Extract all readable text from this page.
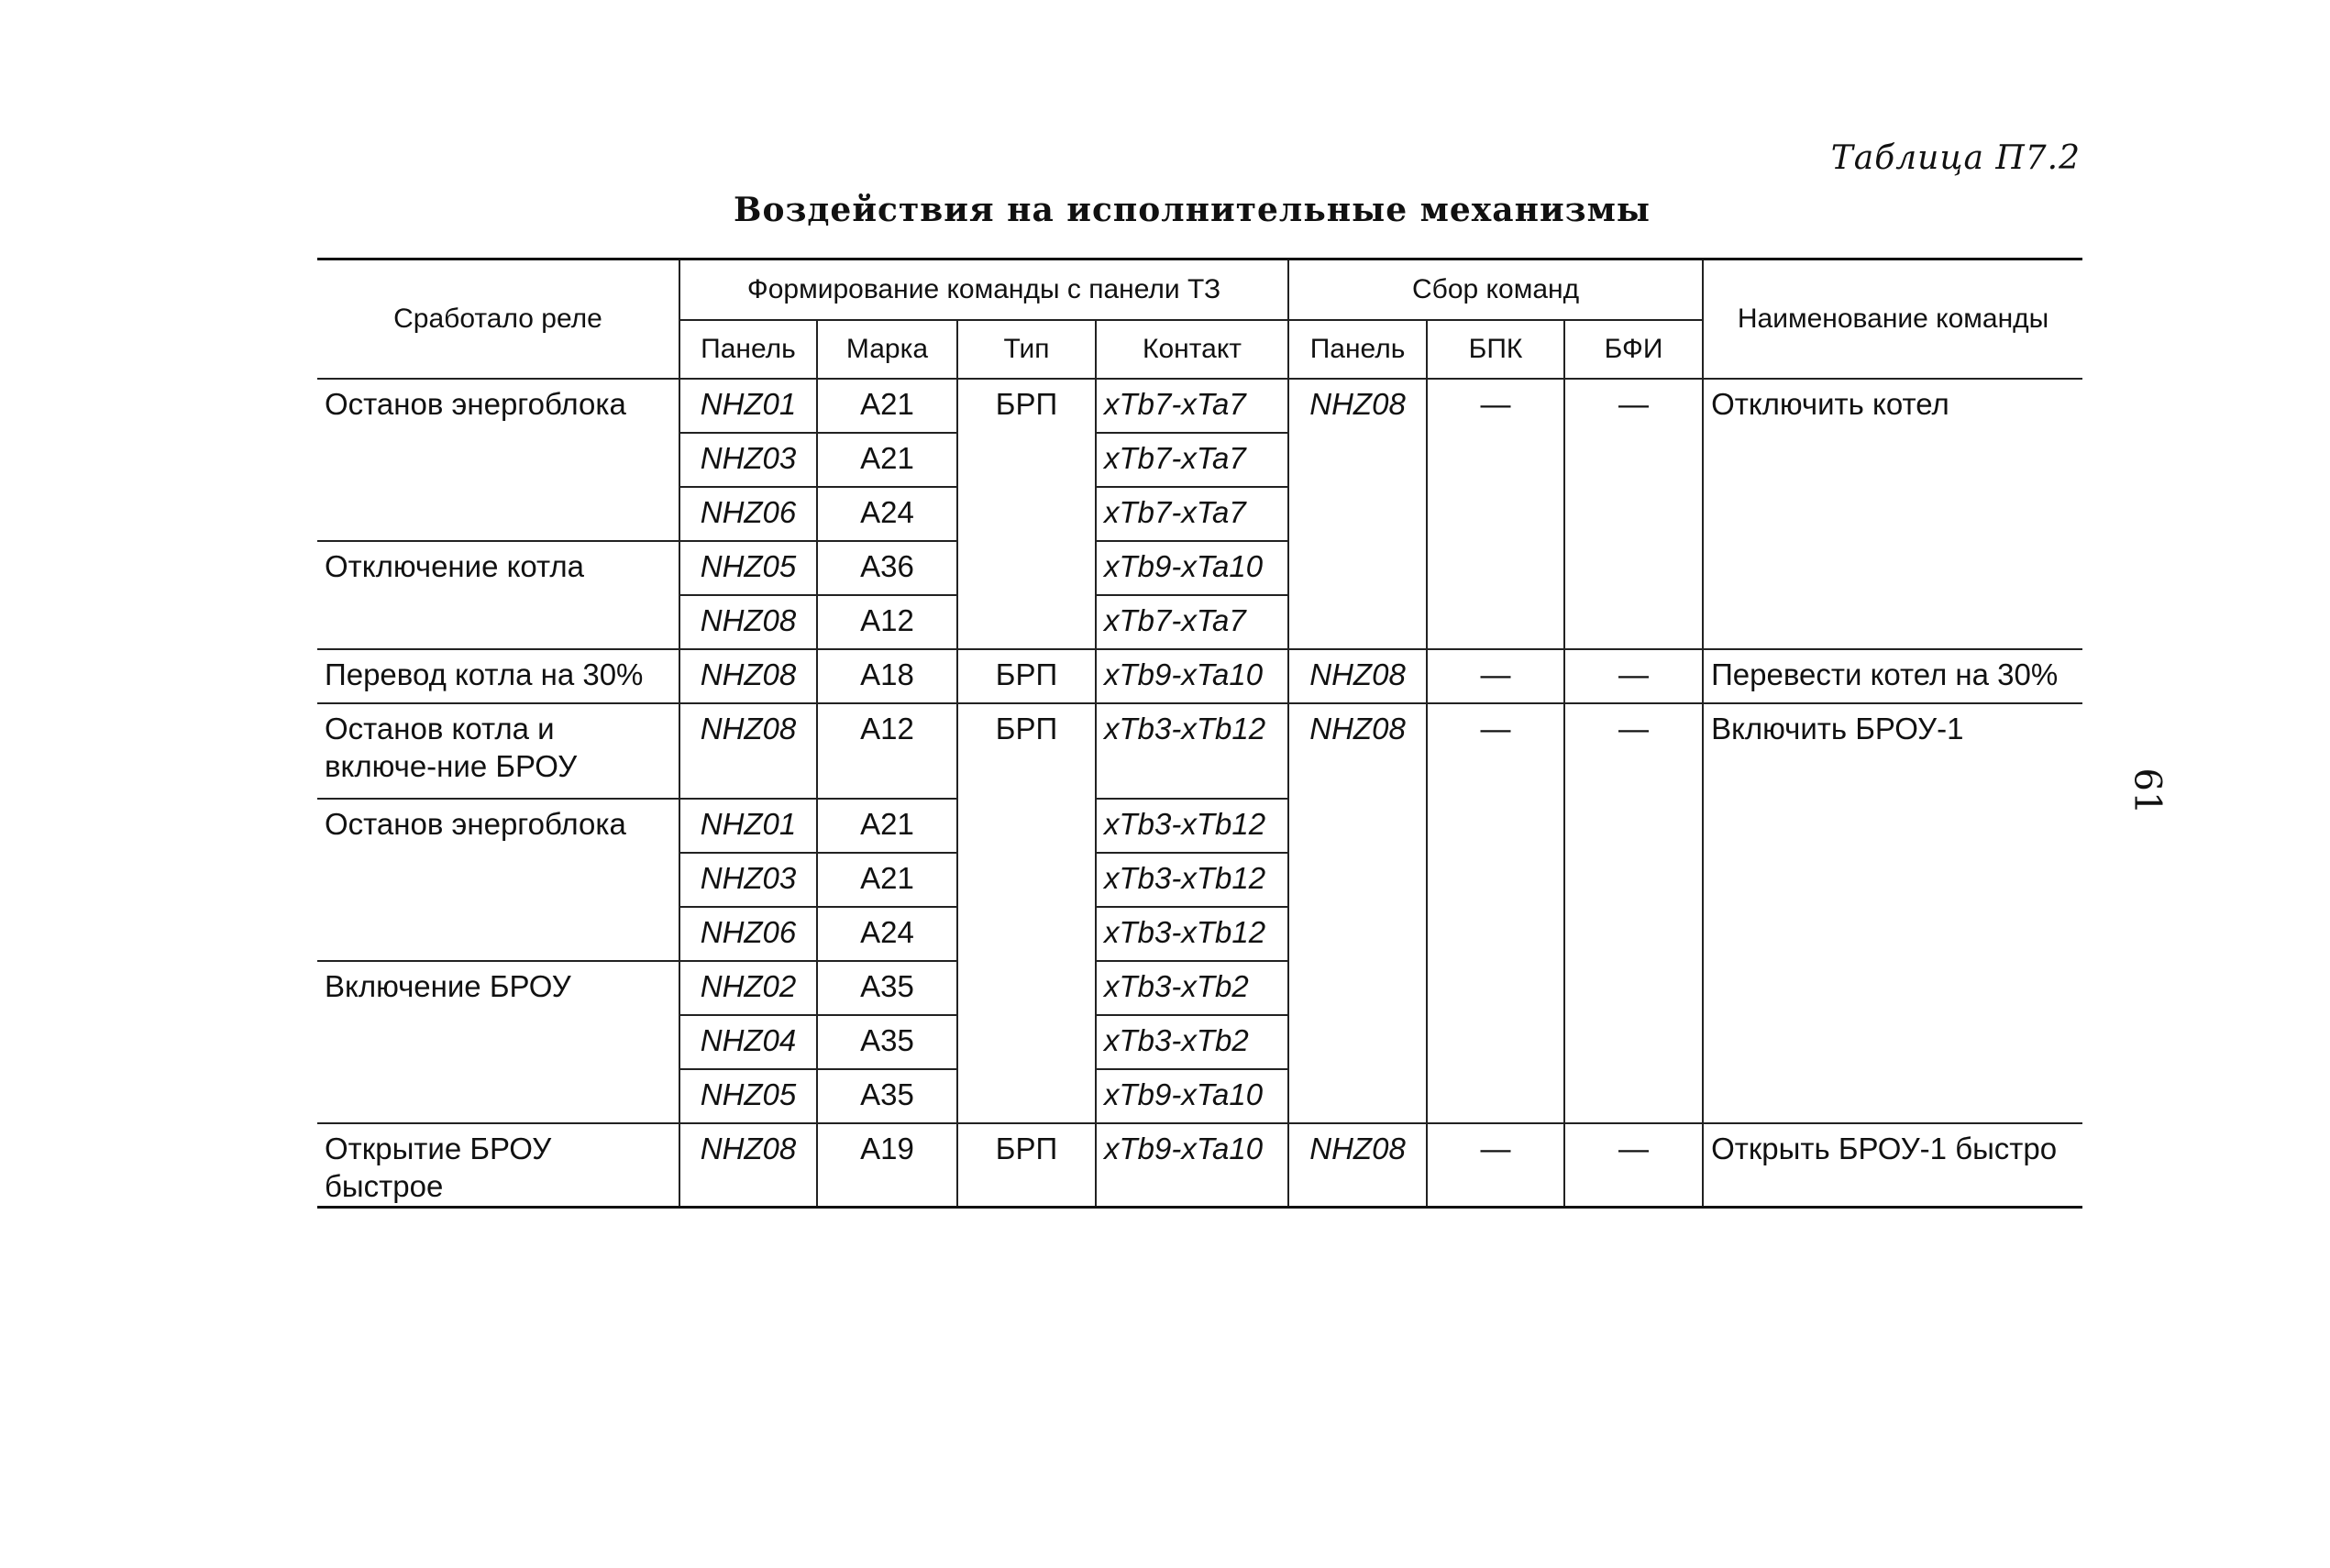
Таблица П7.2
Воздействия на исполнительные механизмы
61
Сработало реле	Формирование команды с панели ТЗ				Сбор команд			Наименование команды
	Панель	Марка	Тип	Контакт	Панель	БПК	БФИ	
Останов энергоблока	NHZ01	A21	БРП	xTb7-xTa7	NHZ08	—	—	Отключить котел
	NHZ03	A21		xTb7-xTa7				
	NHZ06	A24		xTb7-xTa7				
Отключение котла	NHZ05	A36		xTb9-xTa10				
	NHZ08	A12		xTb7-xTa7				
Перевод котла на 30%	NHZ08	A18	БРП	xTb9-xTa10	NHZ08	—	—	Перевести котел на 30%
Останов котла и включе-ние БРОУ	NHZ08	A12	БРП	xTb3-xTb12	NHZ08	—	—	Включить БРОУ-1
Останов энергоблока	NHZ01	A21		xTb3-xTb12				
	NHZ03	A21		xTb3-xTb12				
	NHZ06	A24		xTb3-xTb12				
Включение БРОУ	NHZ02	A35		xTb3-xTb2				
	NHZ04	A35		xTb3-xTb2				
	NHZ05	A35		xTb9-xTa10				
Открытие БРОУ быстрое	NHZ08	A19	БРП	xTb9-xTa10	NHZ08	—	—	Открыть БРОУ-1 быстро
